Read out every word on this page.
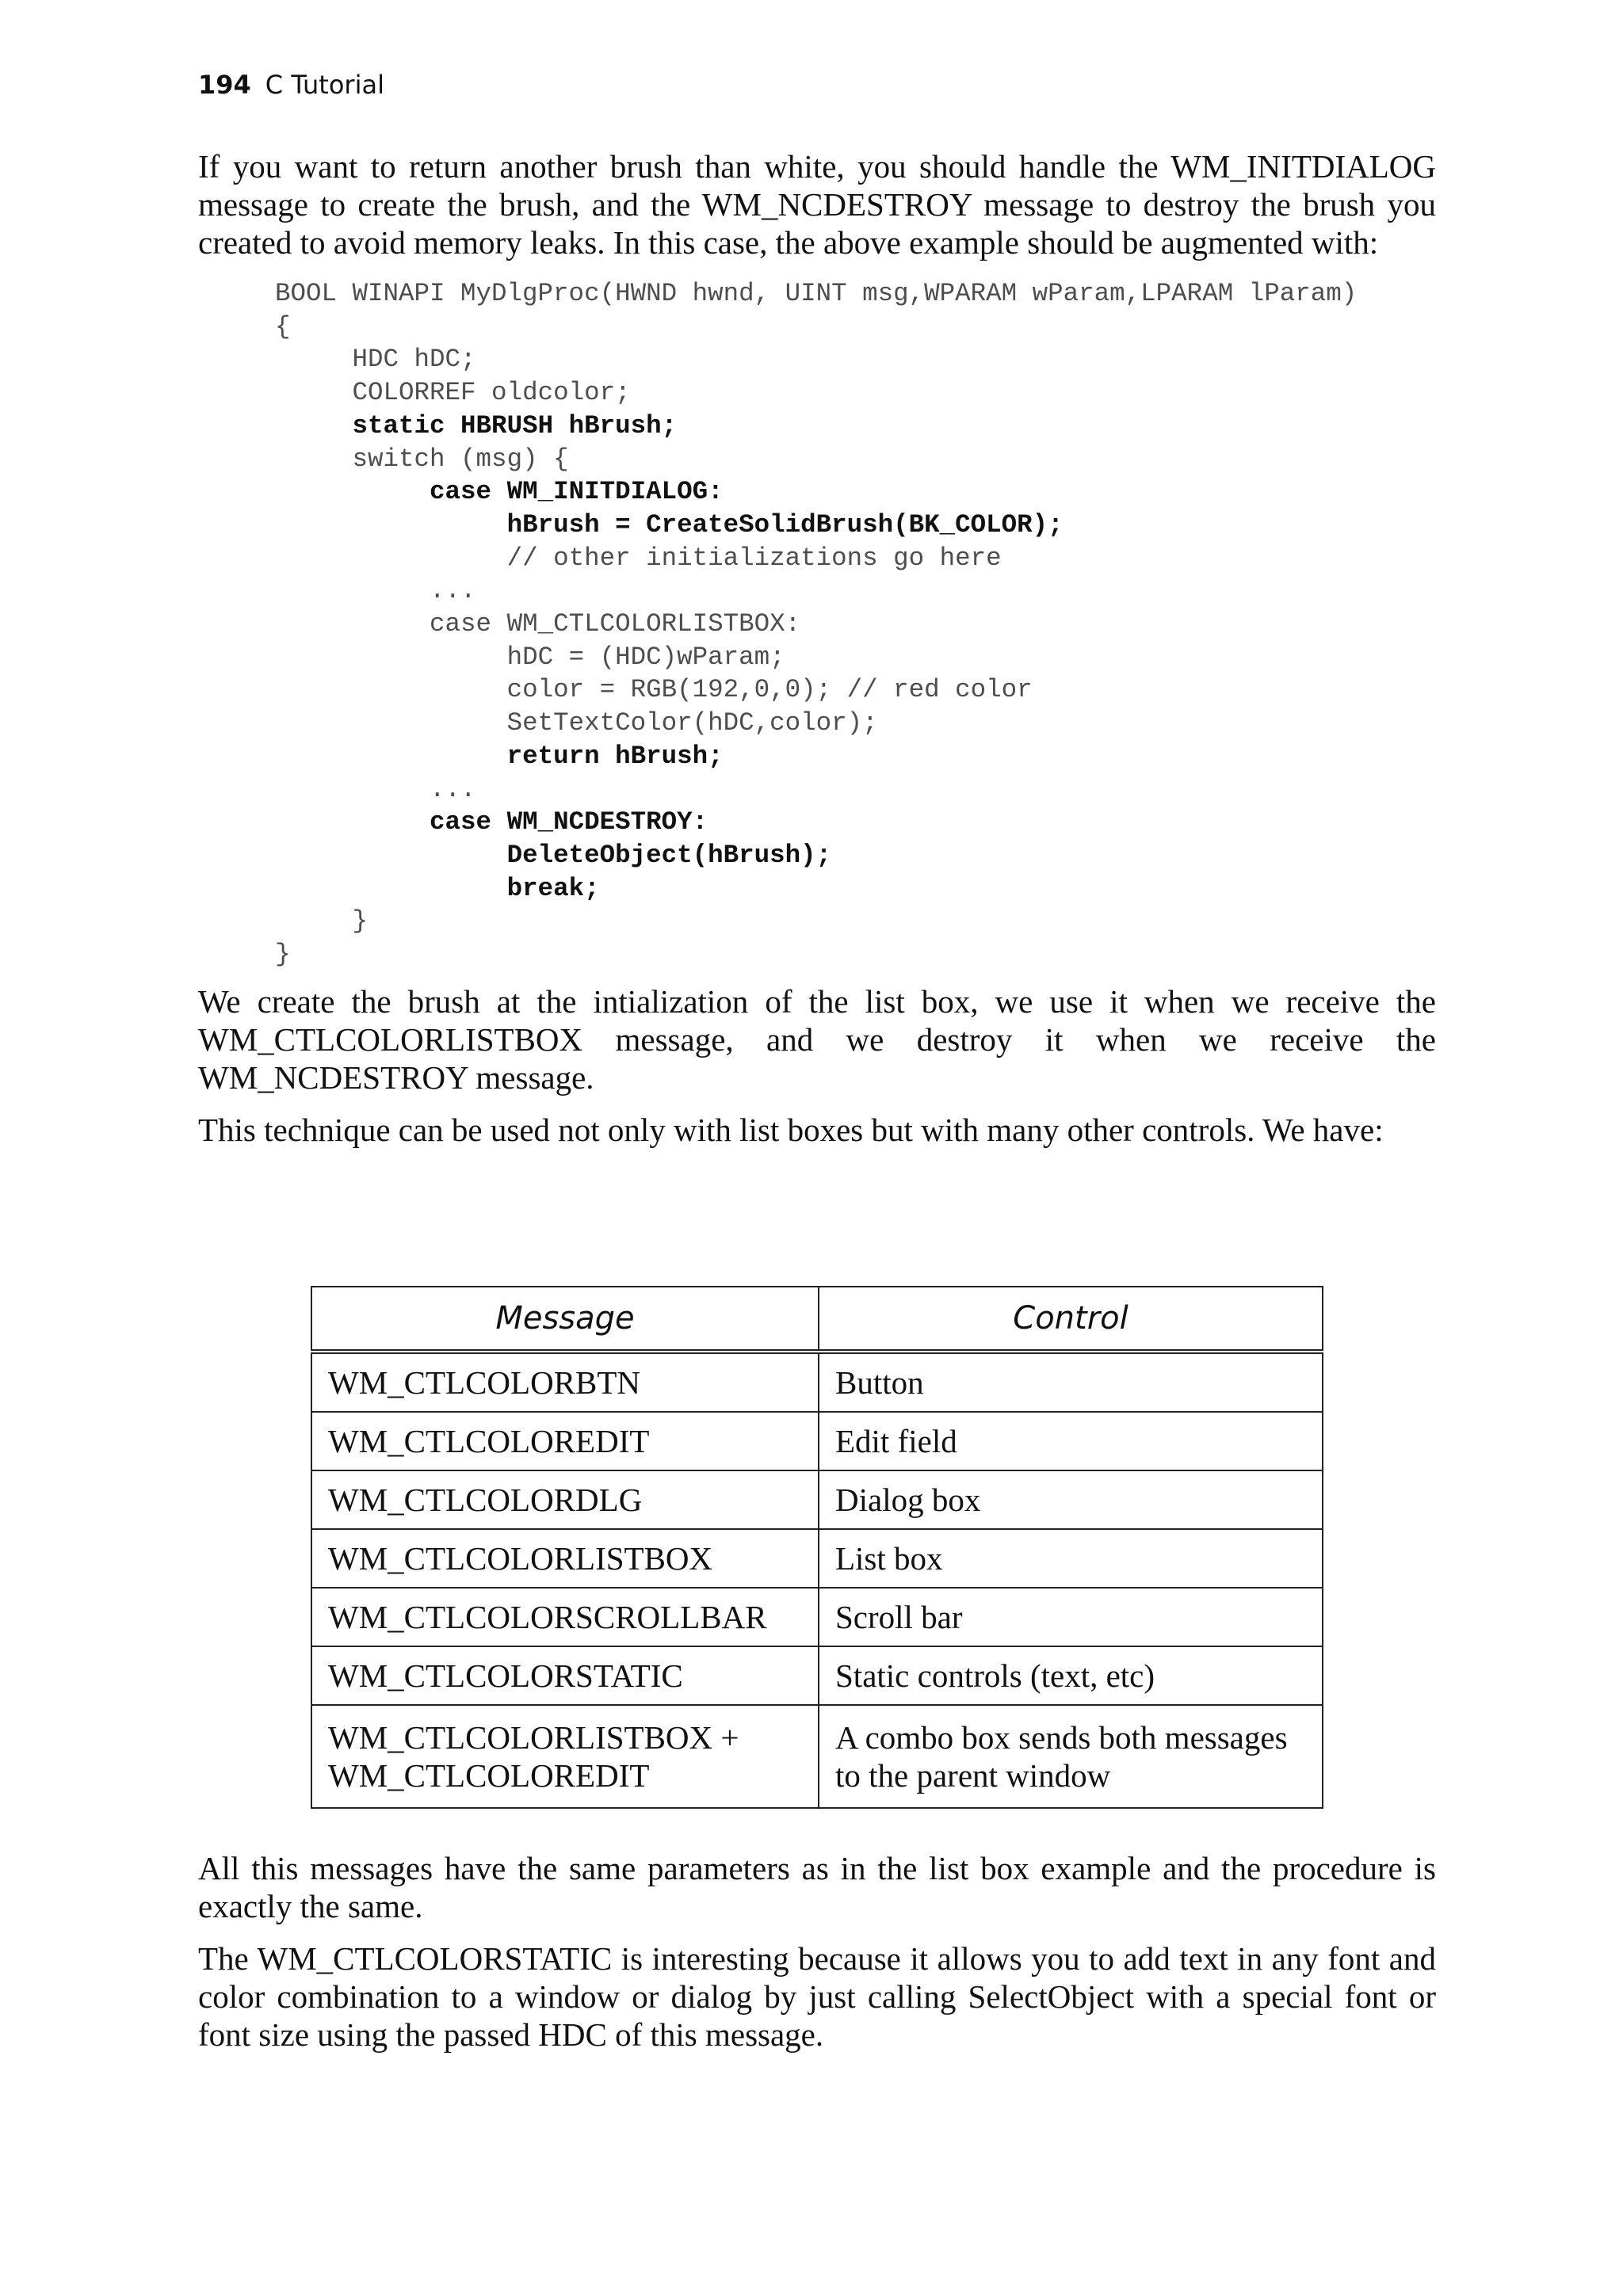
194 C Tutorial

If you want to return another brush than white, you should handle the WM_INITDIALOG message to create the brush, and the WM_NCDESTROY message to destroy the brush you created to avoid memory leaks. In this case, the above example should be augmented with:

BOOL WINAPI MyDlgProc(HWND hwnd, UINT msg,WPARAM wParam,LPARAM lParam)
{
HDC hDC;
COLORREF oldcolor;
static HBRUSH hBrush;
switch (msg) {
case WM_INITDIALOG:
hBrush = CreateSolidBrush(BK_COLOR);
// other initializations go here
...
case WM_CTLCOLORLISTBOX:
hDC = (HDC)wParam;
color = RGB(192,0,0); // red color
SetTextColor(hDC,color);
return hBrush;
...
case WM_NCDESTROY:
DeleteObject(hBrush);
break;
}
}

We create the brush at the intialization of the list box, we use it when we receive the WM_CTLCOLORLISTBOX message, and we destroy it when we receive the WM_NCDESTROY message.

This technique can be used not only with list boxes but with many other controls. We have:

Message	Control

WM_CTLCOLORBTN	Button

WM_CTLCOLOREDIT	Edit field

WM_CTLCOLORDLG	Dialog box

WM_CTLCOLORLISTBOX	List box

WM_CTLCOLORSCROLLBAR	Scroll bar

WM_CTLCOLORSTATIC	Static controls (text, etc)

WM_CTLCOLORLISTBOX +
WM_CTLCOLOREDIT	A combo box sends both messages
to the parent window

All this messages have the same parameters as in the list box example and the procedure is exactly the same.

The WM_CTLCOLORSTATIC is interesting because it allows you to add text in any font and color combination to a window or dialog by just calling SelectObject with a special font or font size using the passed HDC of this message.
